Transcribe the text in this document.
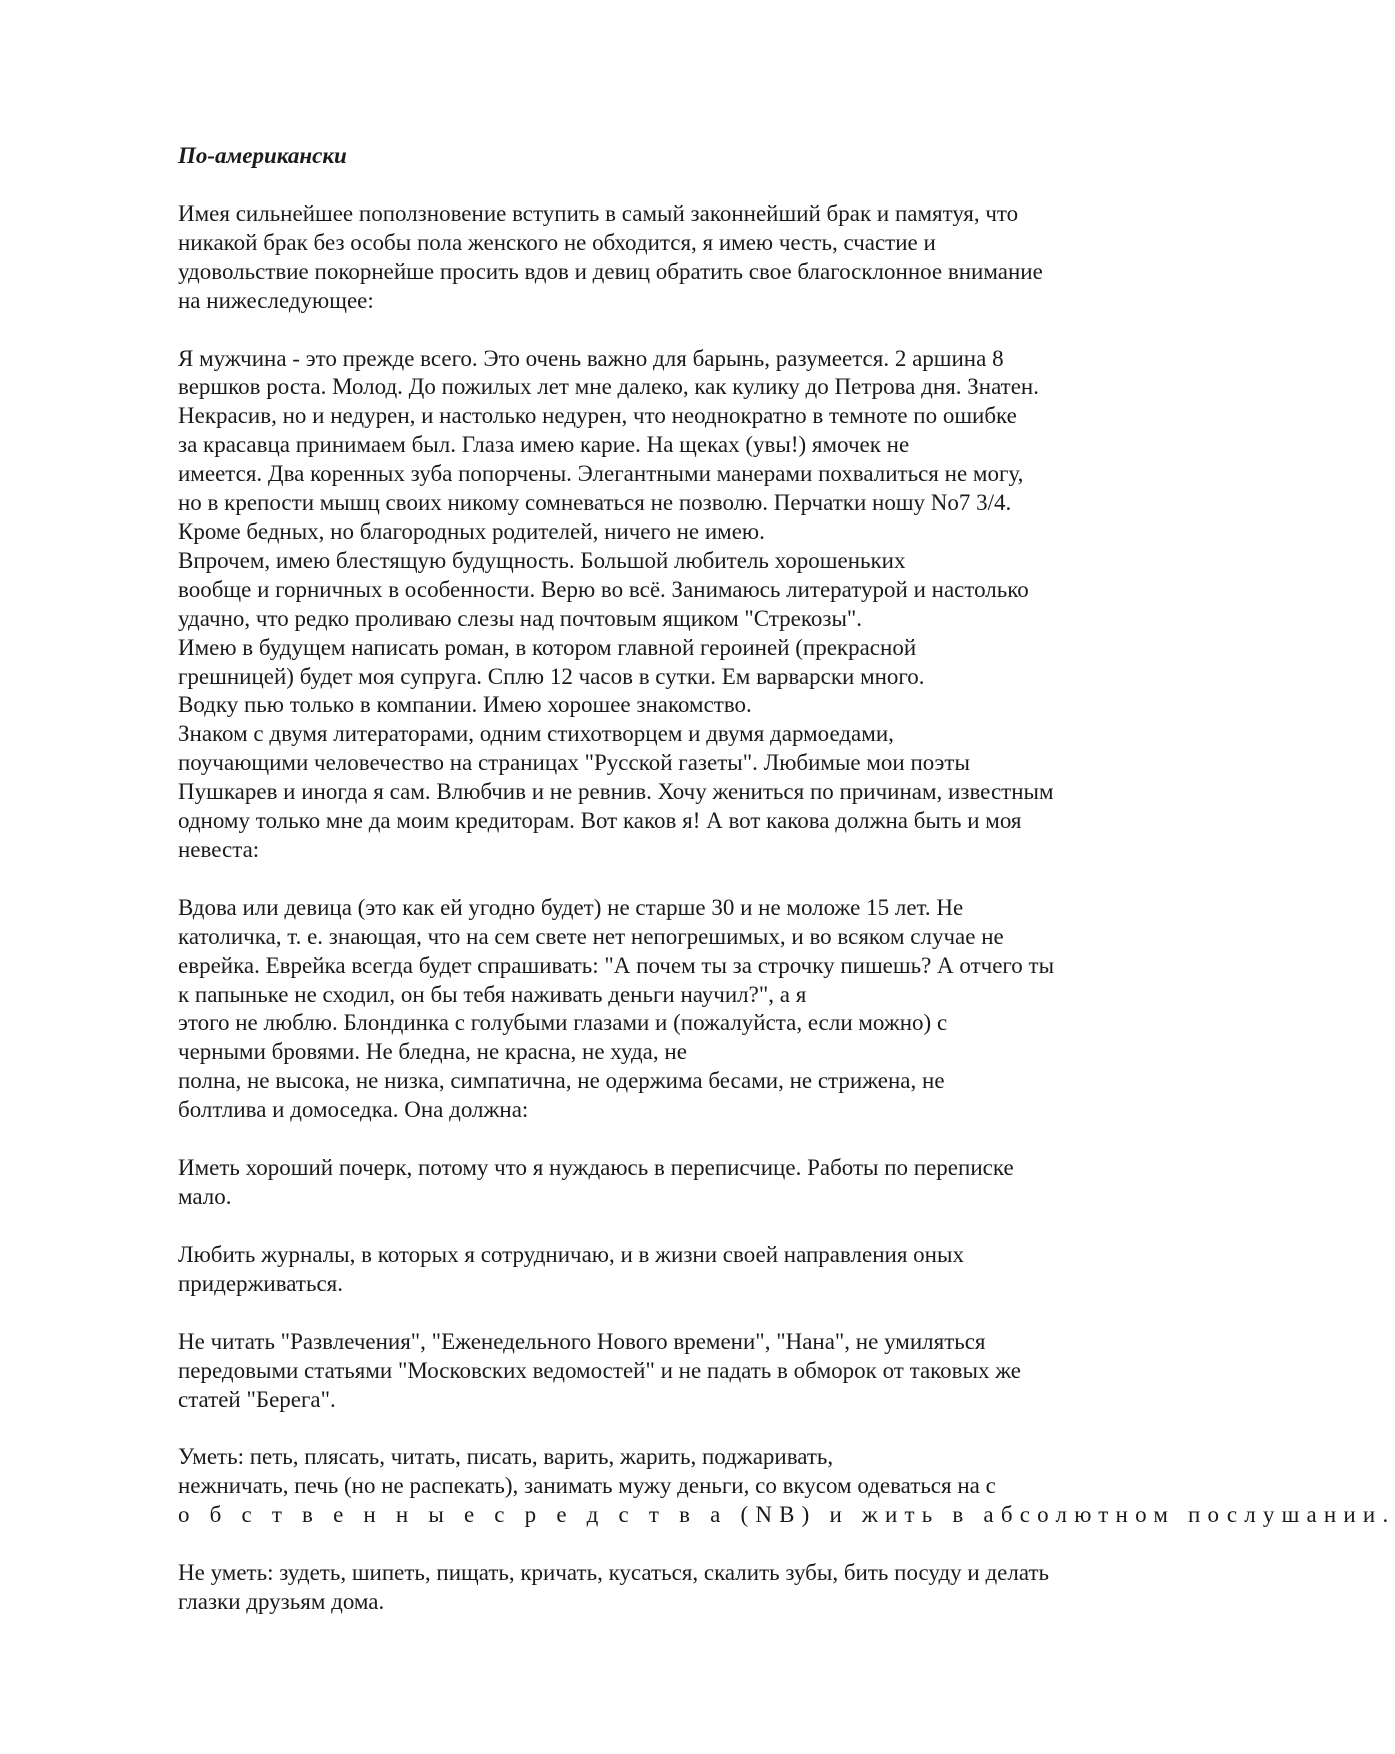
По-американски
Имея сильнейшее поползновение вступить в самый законнейший брак и памятуя, что
никакой брак без особы пола женского не обходится, я имею честь, счастие и
удовольствие покорнейше просить вдов и девиц обратить свое благосклонное внимание
на нижеследующее:
Я мужчина - это прежде всего. Это очень важно для барынь, разумеется. 2 аршина 8
вершков роста. Молод. До пожилых лет мне далеко, как кулику до Петрова дня. Знатен.
Некрасив, но и недурен, и настолько недурен, что неоднократно в темноте по ошибке
за красавца принимаем был. Глаза имею карие. На щеках (увы!) ямочек не
имеется. Два коренных зуба попорчены. Элегантными манерами похвалиться не могу,
но в крепости мышц своих никому сомневаться не позволю. Перчатки ношу No7 3/4.
Кроме бедных, но благородных родителей, ничего не имею.
Впрочем, имею блестящую будущность. Большой любитель хорошеньких
вообще и горничных в особенности. Верю во всё. Занимаюсь литературой и настолько
удачно, что редко проливаю слезы над почтовым ящиком "Стрекозы".
Имею в будущем написать роман, в котором главной героиней (прекрасной
грешницей) будет моя супруга. Сплю 12 часов в сутки. Ем варварски много.
Водку пью только в компании. Имею хорошее знакомство.
Знаком с двумя литераторами, одним стихотворцем и двумя дармоедами,
поучающими человечество на страницах "Русской газеты". Любимые мои поэты
Пушкарев и иногда я сам. Влюбчив и не ревнив. Хочу жениться по причинам, известным
одному только мне да моим кредиторам. Вот каков я! А вот какова должна быть и моя
невеста:
Вдова или девица (это как ей угодно будет) не старше 30 и не моложе 15 лет. Не
католичка, т. е. знающая, что на сем свете нет непогрешимых, и во всяком случае не
еврейка. Еврейка всегда будет спрашивать: "А почем ты за строчку пишешь? А отчего ты
к папыньке не сходил, он бы тебя наживать деньги научил?", а я
этого не люблю. Блондинка с голубыми глазами и (пожалуйста, если можно) с
черными бровями. Не бледна, не красна, не худа, не
полна, не высока, не низка, симпатична, не одержима бесами, не стрижена, не
болтлива и домоседка. Она должна:
Иметь хороший почерк, потому что я нуждаюсь в переписчице. Работы по переписке
мало.
Любить журналы, в которых я сотрудничаю, и в жизни своей направления оных
придерживаться.
Не читать "Развлечения", "Еженедельного Нового времени", "Нана", не умиляться
передовыми статьями "Московских ведомостей" и не падать в обморок от таковых же
статей "Берега".
Уметь: петь, плясать, читать, писать, варить, жарить, поджаривать,
нежничать, печь (но не распекать), занимать мужу деньги, со вкусом одеваться на с
о б с т в е н н ы е с р е д с т в а (NB) и жить в абсолютном послушании.
Не уметь: зудеть, шипеть, пищать, кричать, кусаться, скалить зубы, бить посуду и делать
глазки друзьям дома.
